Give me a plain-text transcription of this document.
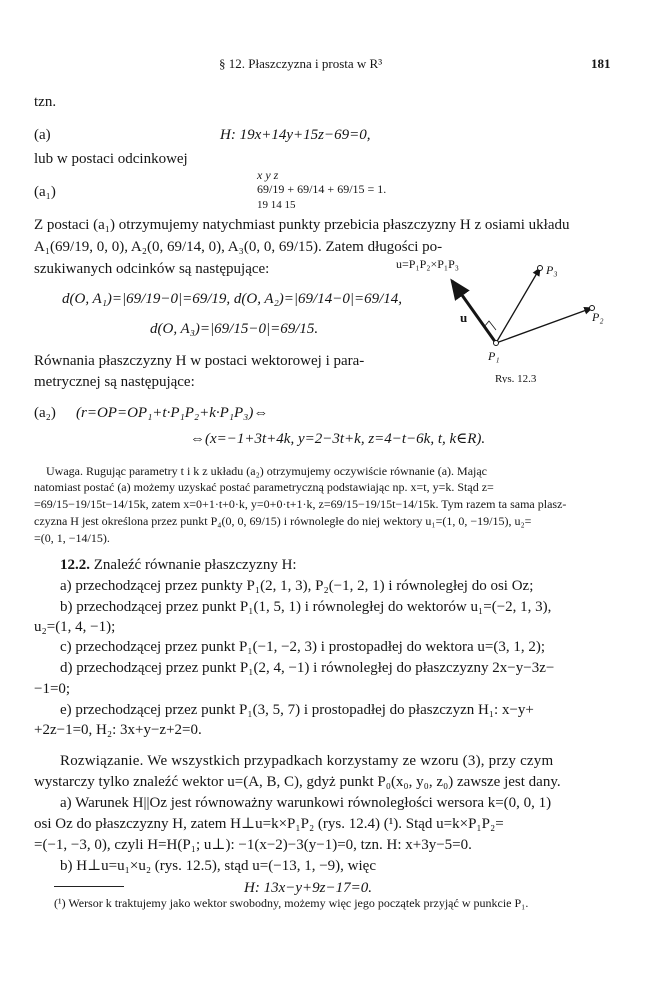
§ 12. Płaszczyzna i prosta w R³	181
tzn.
(a)	H: 19x+14y+15z−69=0,
lub w postaci odcinkowej
(a₁)
x y z
69/19 + 69/14 + 69/15 = 1.
19 14 15
Z postaci (a₁) otrzymujemy natychmiast punkty przebicia płaszczyzny H z osiami układu
A₁(69/19, 0, 0), A₂(0, 69/14, 0), A₃(0, 0, 69/15). Zatem długości po-
szukiwanych odcinków są następujące:
d(O, A₁)=|69/19−0|=69/19, d(O, A₂)=|69/14−0|=69/14,
d(O, A₃)=|69/15−0|=69/15.
Równania płaszczyzny H w postaci wektorowej i para-
metrycznej są następujące:
u=P₁P₂×P₁P₃	P₃
P₂
P₁
u
Rys. 12.3
(a₂) (r=OP=OP₁+t·P₁P₂+k·P₁P₃)⇔
⇔(x=−1+3t+4k, y=2−3t+k, z=4−t−6k, t, k∈R).
Uwaga. Rugując parametry t i k z układu (a₂) otrzymujemy oczywiście równanie (a). Mając
natomiast postać (a) możemy uzyskać postać parametryczną podstawiając np. x=t, y=k. Stąd z=
=69/15−19/15t−14/15k, zatem x=0+1·t+0·k, y=0+0·t+1·k, z=69/15−19/15t−14/15k. Tym razem ta sama plasz-
czyzna H jest określona przez punkt P₄(0, 0, 69/15) i równoległe do niej wektory u₁=(1, 0, −19/15), u₂=
=(0, 1, −14/15).
12.2. Znaleźć równanie płaszczyzny H:
a) przechodzącej przez punkty P₁(2, 1, 3), P₂(−1, 2, 1) i równoległej do osi Oz;
b) przechodzącej przez punkt P₁(1, 5, 1) i równoległej do wektorów u₁=(−2, 1, 3),
u₂=(1, 4, −1);
c) przechodzącej przez punkt P₁(−1, −2, 3) i prostopadłej do wektora u=(3, 1, 2);
d) przechodzącej przez punkt P₁(2, 4, −1) i równoległej do płaszczyzny 2x−y−3z−
−1=0;
e) przechodzącej przez punkt P₁(3, 5, 7) i prostopadłej do płaszczyzn H₁: x−y+
+2z−1=0, H₂: 3x+y−z+2=0.
Rozwiązanie. We wszystkich przypadkach korzystamy ze wzoru (3), przy czym
wystarczy tylko znaleźć wektor u=(A, B, C), gdyż punkt P₀(x₀, y₀, z₀) zawsze jest dany.
a) Warunek H||Oz jest równoważny warunkowi równoległości wersora k=(0, 0, 1)
osi Oz do płaszczyzny H, zatem H⊥u=k×P₁P₂ (rys. 12.4) (¹). Stąd u=k×P₁P₂=
=(−1, −3, 0), czyli H=H(P₁; u⊥): −1(x−2)−3(y−1)=0, tzn. H: x+3y−5=0.
b) H⊥u=u₁×u₂ (rys. 12.5), stąd u=(−13, 1, −9), więc
H: 13x−y+9z−17=0.
(¹) Wersor k traktujemy jako wektor swobodny, możemy więc jego początek przyjąć w punkcie P₁.
